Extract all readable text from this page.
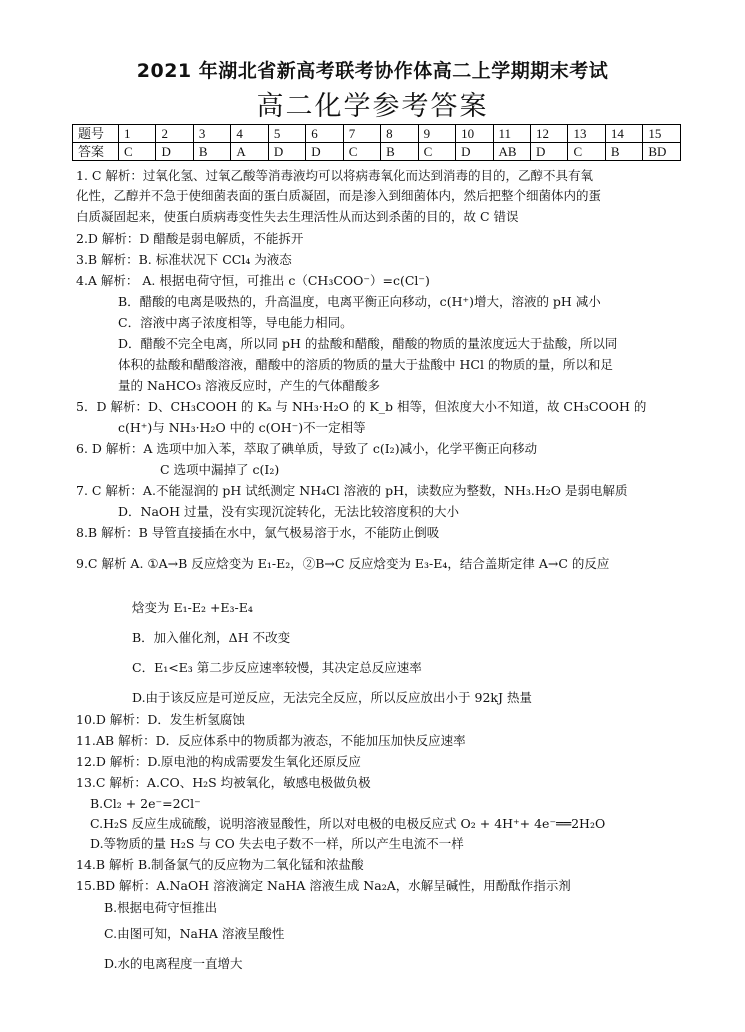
2021 年湖北省新高考联考协作体高二上学期期末考试
高二化学参考答案
题号	1	2	3	4	5	6	7	8	9	10	11	12	13	14	15
答案	C	D	B	A	D	D	C	B	C	D	AB	D	C	B	BD
1. C 解析：过氧化氢、过氧乙酸等消毒液均可以将病毒氧化而达到消毒的目的，乙醇不具有氧
化性，乙醇并不急于使细菌表面的蛋白质凝固，而是渗入到细菌体内，然后把整个细菌体内的蛋
白质凝固起来，使蛋白质病毒变性失去生理活性从而达到杀菌的目的，故 C 错误
2.D 解析：D 醋酸是弱电解质，不能拆开
3.B 解析：B. 标准状况下 CCl₄ 为液态
4.A 解析： A. 根据电荷守恒，可推出 c（CH₃COO⁻）=c(Cl⁻)
B．醋酸的电离是吸热的，升高温度，电离平衡正向移动，c(H⁺)增大，溶液的 pH 减小
C．溶液中离子浓度相等，导电能力相同。
D．醋酸不完全电离，所以同 pH 的盐酸和醋酸，醋酸的物质的量浓度远大于盐酸，所以同
体积的盐酸和醋酸溶液，醋酸中的溶质的物质的量大于盐酸中 HCl 的物质的量，所以和足
量的 NaHCO₃ 溶液反应时，产生的气体醋酸多
5．D 解析：D、CH₃COOH 的 Kₐ 与 NH₃·H₂O 的 K_b 相等，但浓度大小不知道，故 CH₃COOH 的
c(H⁺)与 NH₃·H₂O 中的 c(OH⁻)不一定相等
6. D 解析：A 选项中加入苯，萃取了碘单质，导致了 c(I₂)减小，化学平衡正向移动
C 选项中漏掉了 c(I₂)
7. C 解析：A.不能湿润的 pH 试纸测定 NH₄Cl 溶液的 pH，读数应为整数，NH₃.H₂O 是弱电解质
D．NaOH 过量，没有实现沉淀转化，无法比较溶度积的大小
8.B 解析：B 导管直接插在水中，氯气极易溶于水，不能防止倒吸
9.C 解析 A. ①A→B 反应焓变为 E₁-E₂，②B→C 反应焓变为 E₃-E₄，结合盖斯定律 A→C 的反应
焓变为 E₁-E₂ +E₃-E₄
B．加入催化剂，ΔH 不改变
C．E₁<E₃ 第二步反应速率较慢，其决定总反应速率
D.由于该反应是可逆反应，无法完全反应，所以反应放出小于 92kJ 热量
10.D 解析：D．发生析氢腐蚀
11.AB 解析：D．反应体系中的物质都为液态，不能加压加快反应速率
12.D 解析：D.原电池的构成需要发生氧化还原反应
13.C 解析：A.CO、H₂S 均被氧化，敏感电极做负极
B.Cl₂ + 2e⁻=2Cl⁻
C.H₂S 反应生成硫酸，说明溶液显酸性，所以对电极的电极反应式 O₂ + 4H⁺+ 4e⁻══2H₂O
D.等物质的量 H₂S 与 CO 失去电子数不一样，所以产生电流不一样
14.B 解析 B.制备氯气的反应物为二氧化锰和浓盐酸
15.BD 解析：A.NaOH 溶液滴定 NaHA 溶液生成 Na₂A，水解呈碱性，用酚酞作指示剂
B.根据电荷守恒推出
C.由图可知，NaHA 溶液呈酸性
D.水的电离程度一直增大
